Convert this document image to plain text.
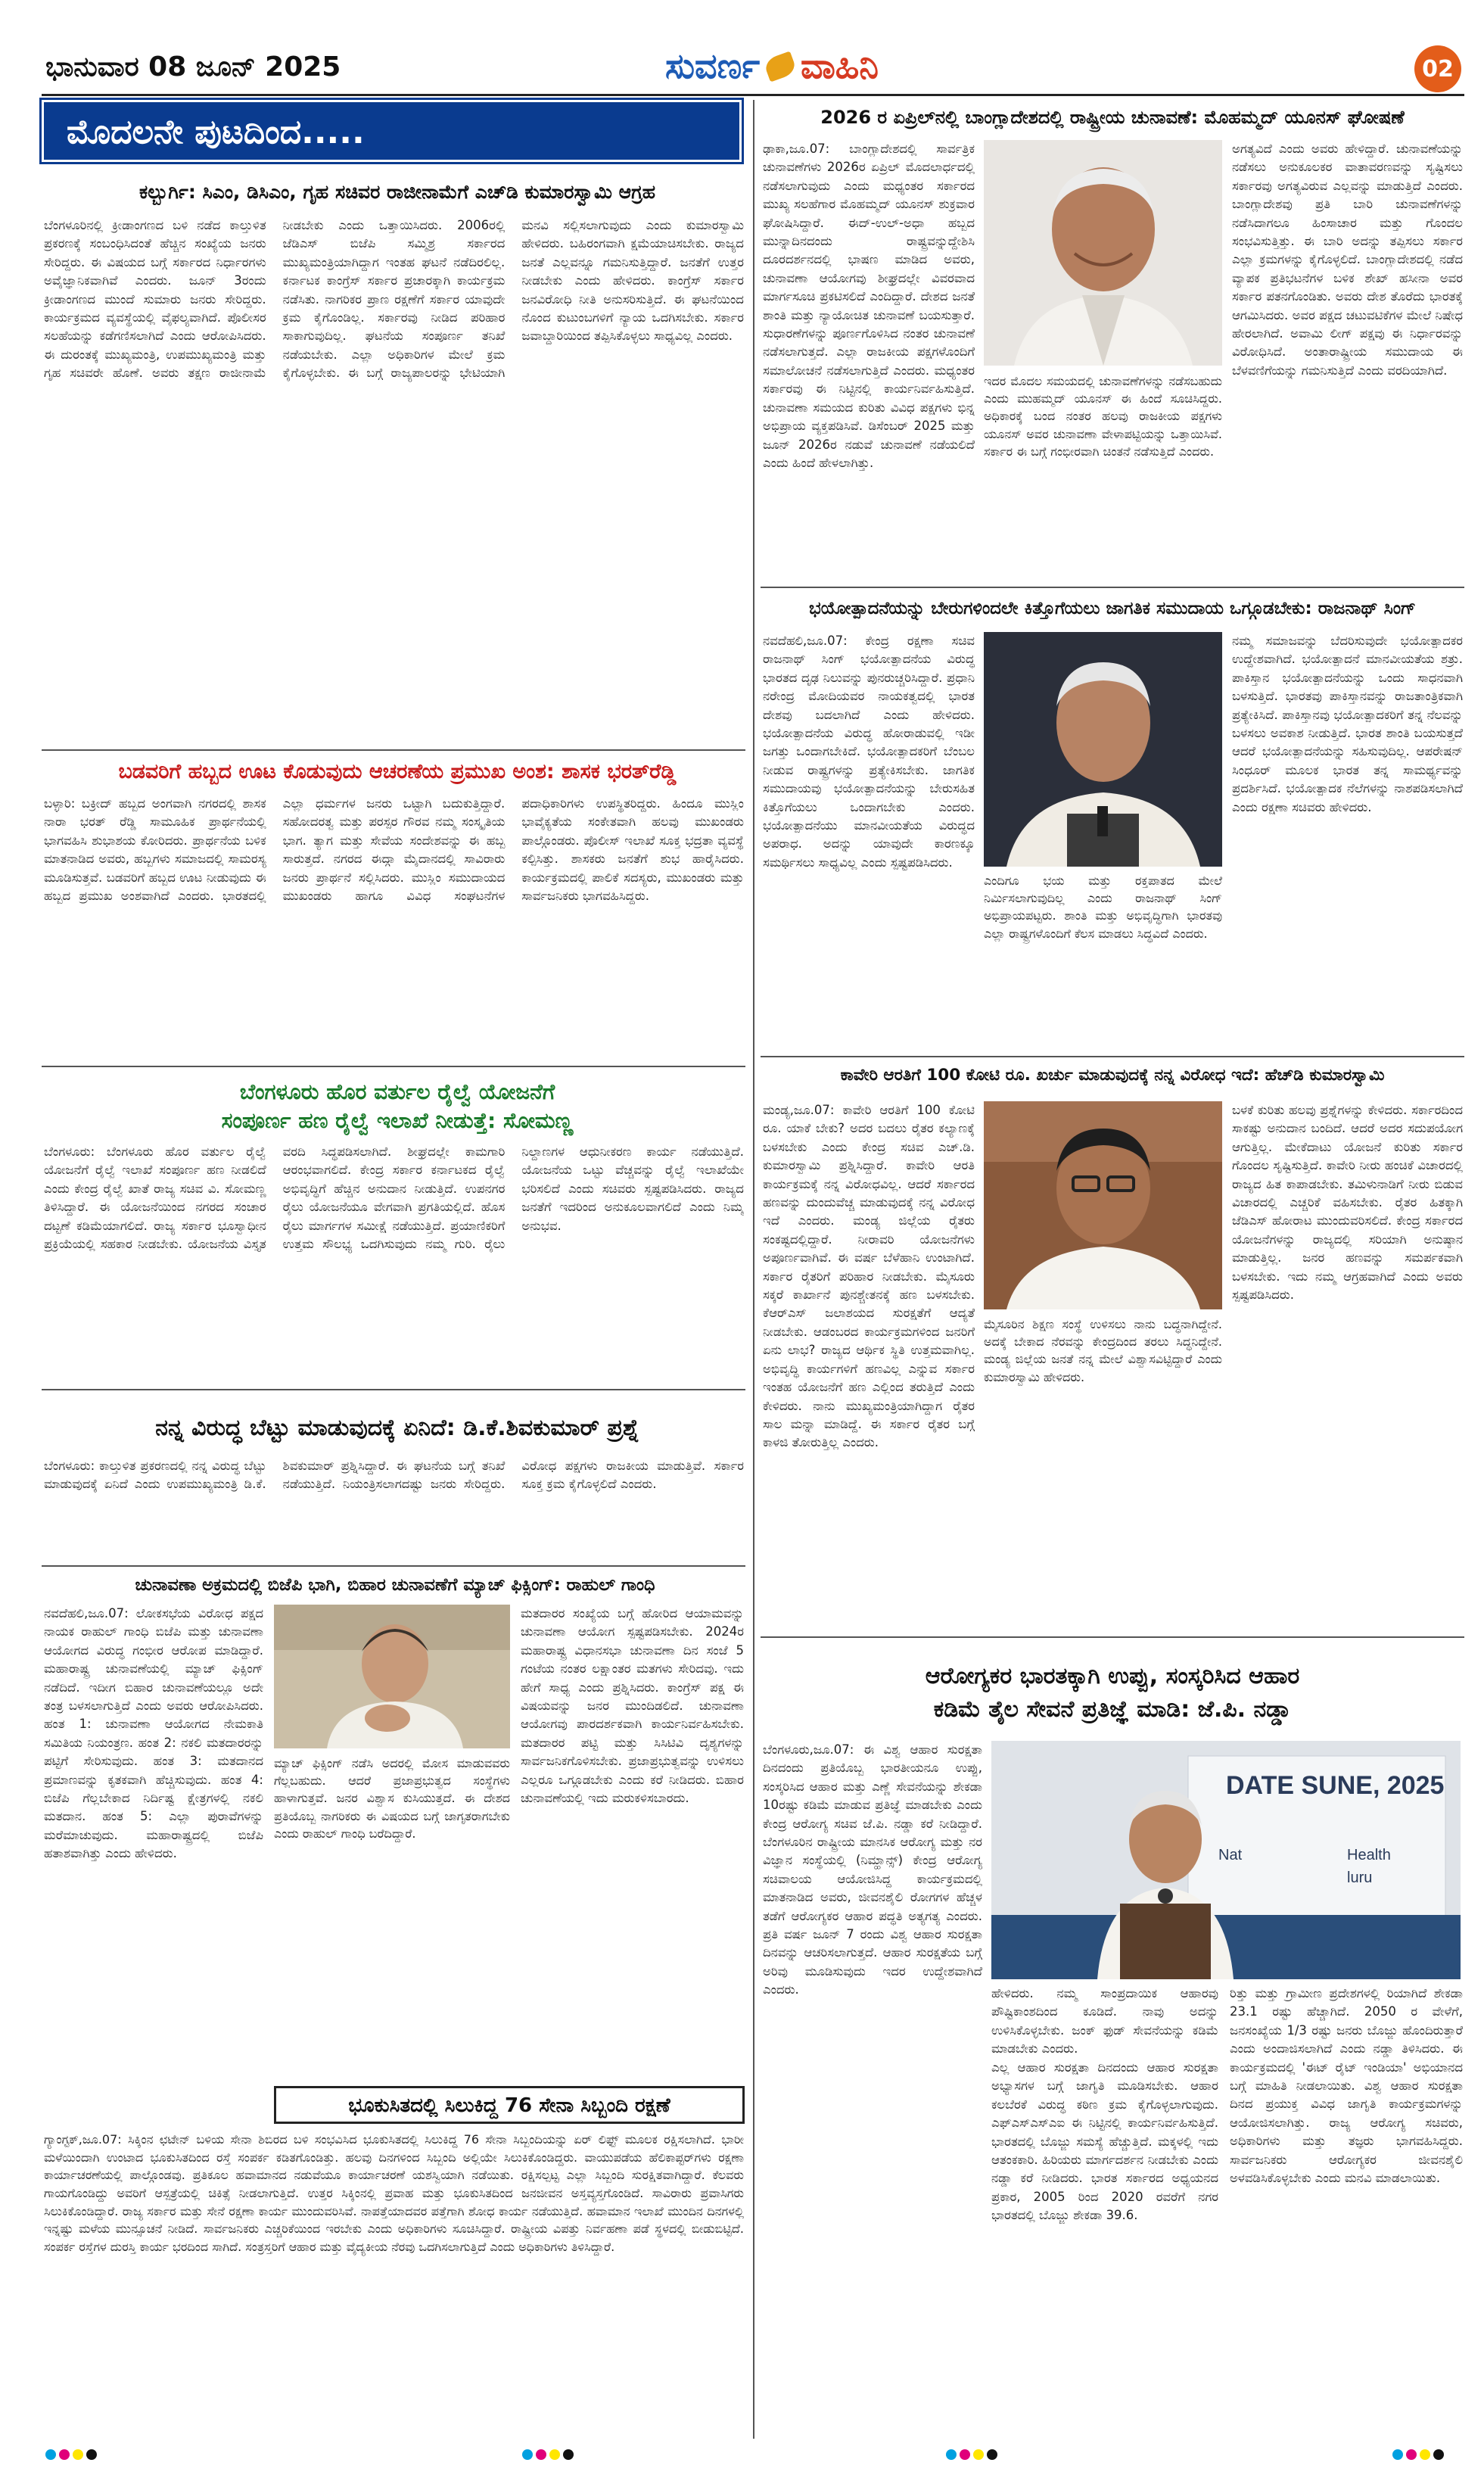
ಭಾನುವಾರ 08 ಜೂನ್ 2025	ಸುವರ್ಣ ವಾಹಿನಿ	02
ಮೊದಲನೇ ಪುಟದಿಂದ.....
ಕಲ್ಬುರ್ಗಿ: ಸಿಎಂ, ಡಿಸಿಎಂ, ಗೃಹ ಸಚಿವರ ರಾಜೀನಾಮೆಗೆ ಎಚ್‌ಡಿ ಕುಮಾರಸ್ವಾಮಿ ಆಗ್ರಹ
ಬೆಂಗಳೂರಿನಲ್ಲಿ ಕ್ರೀಡಾಂಗಣದ ಬಳಿ ನಡೆದ ಕಾಲ್ತುಳಿತ ಪ್ರಕರಣಕ್ಕೆ ಸಂಬಂಧಿಸಿದಂತೆ ಹೆಚ್ಚಿನ ಸಂಖ್ಯೆಯ ಜನರು ಸೇರಿದ್ದರು. ಈ ವಿಷಯದ ಬಗ್ಗೆ ಸರ್ಕಾರದ ನಿರ್ಧಾರಗಳು ಅವೈಜ್ಞಾನಿಕವಾಗಿವೆ ಎಂದರು. ಜೂನ್ 3ರಂದು ಕ್ರೀಡಾಂಗಣದ ಮುಂದೆ ಸುಮಾರು ಜನರು ಸೇರಿದ್ದರು. ಕಾರ್ಯಕ್ರಮದ ವ್ಯವಸ್ಥೆಯಲ್ಲಿ ವೈಫಲ್ಯವಾಗಿದೆ. ಪೊಲೀಸರ ಸಲಹೆಯನ್ನು ಕಡೆಗಣಿಸಲಾಗಿದೆ ಎಂದು ಆರೋಪಿಸಿದರು. ಈ ದುರಂತಕ್ಕೆ ಮುಖ್ಯಮಂತ್ರಿ, ಉಪಮುಖ್ಯಮಂತ್ರಿ ಮತ್ತು ಗೃಹ ಸಚಿವರೇ ಹೊಣೆ. ಅವರು ತಕ್ಷಣ ರಾಜೀನಾಮೆ ನೀಡಬೇಕು ಎಂದು ಒತ್ತಾಯಿಸಿದರು. 2006ರಲ್ಲಿ ಜೆಡಿಎಸ್ ಬಿಜೆಪಿ ಸಮ್ಮಿಶ್ರ ಸರ್ಕಾರದ ಮುಖ್ಯಮಂತ್ರಿಯಾಗಿದ್ದಾಗ ಇಂತಹ ಘಟನೆ ನಡೆದಿರಲಿಲ್ಲ. ಕರ್ನಾಟಕ ಕಾಂಗ್ರೆಸ್ ಸರ್ಕಾರ ಪ್ರಚಾರಕ್ಕಾಗಿ ಕಾರ್ಯಕ್ರಮ ನಡೆಸಿತು. ನಾಗರಿಕರ ಪ್ರಾಣ ರಕ್ಷಣೆಗೆ ಸರ್ಕಾರ ಯಾವುದೇ ಕ್ರಮ ಕೈಗೊಂಡಿಲ್ಲ. ಸರ್ಕಾರವು ನೀಡಿದ ಪರಿಹಾರ ಸಾಕಾಗುವುದಿಲ್ಲ. ಘಟನೆಯ ಸಂಪೂರ್ಣ ತನಿಖೆ ನಡೆಯಬೇಕು. ಎಲ್ಲಾ ಅಧಿಕಾರಿಗಳ ಮೇಲೆ ಕ್ರಮ ಕೈಗೊಳ್ಳಬೇಕು. ಈ ಬಗ್ಗೆ ರಾಜ್ಯಪಾಲರನ್ನು ಭೇಟಿಯಾಗಿ ಮನವಿ ಸಲ್ಲಿಸಲಾಗುವುದು ಎಂದು ಕುಮಾರಸ್ವಾಮಿ ಹೇಳಿದರು. ಬಹಿರಂಗವಾಗಿ ಕ್ಷಮೆಯಾಚಿಸಬೇಕು. ರಾಜ್ಯದ ಜನತೆ ಎಲ್ಲವನ್ನೂ ಗಮನಿಸುತ್ತಿದ್ದಾರೆ. ಜನತೆಗೆ ಉತ್ತರ ನೀಡಬೇಕು ಎಂದು ಹೇಳಿದರು. ಕಾಂಗ್ರೆಸ್ ಸರ್ಕಾರ ಜನವಿರೋಧಿ ನೀತಿ ಅನುಸರಿಸುತ್ತಿದೆ. ಈ ಘಟನೆಯಿಂದ ನೊಂದ ಕುಟುಂಬಗಳಿಗೆ ನ್ಯಾಯ ಒದಗಿಸಬೇಕು. ಸರ್ಕಾರ ಜವಾಬ್ದಾರಿಯಿಂದ ತಪ್ಪಿಸಿಕೊಳ್ಳಲು ಸಾಧ್ಯವಿಲ್ಲ ಎಂದರು.
ಬಡವರಿಗೆ ಹಬ್ಬದ ಊಟ ಕೊಡುವುದು ಆಚರಣೆಯ ಪ್ರಮುಖ ಅಂಶ: ಶಾಸಕ ಭರತ್‌ರೆಡ್ಡಿ
ಬಳ್ಳಾರಿ: ಬಕ್ರೀದ್ ಹಬ್ಬದ ಅಂಗವಾಗಿ ನಗರದಲ್ಲಿ ಶಾಸಕ ನಾರಾ ಭರತ್ ರೆಡ್ಡಿ ಸಾಮೂಹಿಕ ಪ್ರಾರ್ಥನೆಯಲ್ಲಿ ಭಾಗವಹಿಸಿ ಶುಭಾಶಯ ಕೋರಿದರು. ಪ್ರಾರ್ಥನೆಯ ಬಳಿಕ ಮಾತನಾಡಿದ ಅವರು, ಹಬ್ಬಗಳು ಸಮಾಜದಲ್ಲಿ ಸಾಮರಸ್ಯ ಮೂಡಿಸುತ್ತವೆ. ಬಡವರಿಗೆ ಹಬ್ಬದ ಊಟ ನೀಡುವುದು ಈ ಹಬ್ಬದ ಪ್ರಮುಖ ಅಂಶವಾಗಿದೆ ಎಂದರು. ಭಾರತದಲ್ಲಿ ಎಲ್ಲಾ ಧರ್ಮಗಳ ಜನರು ಒಟ್ಟಾಗಿ ಬದುಕುತ್ತಿದ್ದಾರೆ. ಸಹೋದರತ್ವ ಮತ್ತು ಪರಸ್ಪರ ಗೌರವ ನಮ್ಮ ಸಂಸ್ಕೃತಿಯ ಭಾಗ. ತ್ಯಾಗ ಮತ್ತು ಸೇವೆಯ ಸಂದೇಶವನ್ನು ಈ ಹಬ್ಬ ಸಾರುತ್ತದೆ. ನಗರದ ಈದ್ಗಾ ಮೈದಾನದಲ್ಲಿ ಸಾವಿರಾರು ಜನರು ಪ್ರಾರ್ಥನೆ ಸಲ್ಲಿಸಿದರು. ಮುಸ್ಲಿಂ ಸಮುದಾಯದ ಮುಖಂಡರು ಹಾಗೂ ವಿವಿಧ ಸಂಘಟನೆಗಳ ಪದಾಧಿಕಾರಿಗಳು ಉಪಸ್ಥಿತರಿದ್ದರು. ಹಿಂದೂ ಮುಸ್ಲಿಂ ಭಾವೈಕ್ಯತೆಯ ಸಂಕೇತವಾಗಿ ಹಲವು ಮುಖಂಡರು ಪಾಲ್ಗೊಂಡರು. ಪೊಲೀಸ್ ಇಲಾಖೆ ಸೂಕ್ತ ಭದ್ರತಾ ವ್ಯವಸ್ಥೆ ಕಲ್ಪಿಸಿತ್ತು. ಶಾಸಕರು ಜನತೆಗೆ ಶುಭ ಹಾರೈಸಿದರು. ಕಾರ್ಯಕ್ರಮದಲ್ಲಿ ಪಾಲಿಕೆ ಸದಸ್ಯರು, ಮುಖಂಡರು ಮತ್ತು ಸಾರ್ವಜನಿಕರು ಭಾಗವಹಿಸಿದ್ದರು.
ಬೆಂಗಳೂರು ಹೊರ ವರ್ತುಲ ರೈಲ್ವೆ ಯೋಜನೆಗೆ
ಸಂಪೂರ್ಣ ಹಣ ರೈಲ್ವೆ ಇಲಾಖೆ ನೀಡುತ್ತೆ: ಸೋಮಣ್ಣ
ಬೆಂಗಳೂರು: ಬೆಂಗಳೂರು ಹೊರ ವರ್ತುಲ ರೈಲ್ವೆ ಯೋಜನೆಗೆ ರೈಲ್ವೆ ಇಲಾಖೆ ಸಂಪೂರ್ಣ ಹಣ ನೀಡಲಿದೆ ಎಂದು ಕೇಂದ್ರ ರೈಲ್ವೆ ಖಾತೆ ರಾಜ್ಯ ಸಚಿವ ವಿ. ಸೋಮಣ್ಣ ತಿಳಿಸಿದ್ದಾರೆ. ಈ ಯೋಜನೆಯಿಂದ ನಗರದ ಸಂಚಾರ ದಟ್ಟಣೆ ಕಡಿಮೆಯಾಗಲಿದೆ. ರಾಜ್ಯ ಸರ್ಕಾರ ಭೂಸ್ವಾಧೀನ ಪ್ರಕ್ರಿಯೆಯಲ್ಲಿ ಸಹಕಾರ ನೀಡಬೇಕು. ಯೋಜನೆಯ ವಿಸ್ತೃತ ವರದಿ ಸಿದ್ಧಪಡಿಸಲಾಗಿದೆ. ಶೀಘ್ರದಲ್ಲೇ ಕಾಮಗಾರಿ ಆರಂಭವಾಗಲಿದೆ. ಕೇಂದ್ರ ಸರ್ಕಾರ ಕರ್ನಾಟಕದ ರೈಲ್ವೆ ಅಭಿವೃದ್ಧಿಗೆ ಹೆಚ್ಚಿನ ಅನುದಾನ ನೀಡುತ್ತಿದೆ. ಉಪನಗರ ರೈಲು ಯೋಜನೆಯೂ ವೇಗವಾಗಿ ಪ್ರಗತಿಯಲ್ಲಿದೆ. ಹೊಸ ರೈಲು ಮಾರ್ಗಗಳ ಸಮೀಕ್ಷೆ ನಡೆಯುತ್ತಿದೆ. ಪ್ರಯಾಣಿಕರಿಗೆ ಉತ್ತಮ ಸೌಲಭ್ಯ ಒದಗಿಸುವುದು ನಮ್ಮ ಗುರಿ. ರೈಲು ನಿಲ್ದಾಣಗಳ ಆಧುನೀಕರಣ ಕಾರ್ಯ ನಡೆಯುತ್ತಿದೆ. ಯೋಜನೆಯ ಒಟ್ಟು ವೆಚ್ಚವನ್ನು ರೈಲ್ವೆ ಇಲಾಖೆಯೇ ಭರಿಸಲಿದೆ ಎಂದು ಸಚಿವರು ಸ್ಪಷ್ಟಪಡಿಸಿದರು. ರಾಜ್ಯದ ಜನತೆಗೆ ಇದರಿಂದ ಅನುಕೂಲವಾಗಲಿದೆ ಎಂದು ನಿಮ್ಮ ಅನುಭವ.
ನನ್ನ ವಿರುದ್ಧ ಬೆಟ್ಟು ಮಾಡುವುದಕ್ಕೆ ಏನಿದೆ: ಡಿ.ಕೆ.ಶಿವಕುಮಾರ್ ಪ್ರಶ್ನೆ
ಬೆಂಗಳೂರು: ಕಾಲ್ತುಳಿತ ಪ್ರಕರಣದಲ್ಲಿ ನನ್ನ ವಿರುದ್ಧ ಬೆಟ್ಟು ಮಾಡುವುದಕ್ಕೆ ಏನಿದೆ ಎಂದು ಉಪಮುಖ್ಯಮಂತ್ರಿ ಡಿ.ಕೆ. ಶಿವಕುಮಾರ್ ಪ್ರಶ್ನಿಸಿದ್ದಾರೆ. ಈ ಘಟನೆಯ ಬಗ್ಗೆ ತನಿಖೆ ನಡೆಯುತ್ತಿದೆ. ನಿಯಂತ್ರಿಸಲಾಗದಷ್ಟು ಜನರು ಸೇರಿದ್ದರು. ವಿರೋಧ ಪಕ್ಷಗಳು ರಾಜಕೀಯ ಮಾಡುತ್ತಿವೆ. ಸರ್ಕಾರ ಸೂಕ್ತ ಕ್ರಮ ಕೈಗೊಳ್ಳಲಿದೆ ಎಂದರು.
ಚುನಾವಣಾ ಅಕ್ರಮದಲ್ಲಿ ಬಿಜೆಪಿ ಭಾಗಿ, ಬಿಹಾರ ಚುನಾವಣೆಗೆ ಮ್ಯಾಚ್ ಫಿಕ್ಸಿಂಗ್: ರಾಹುಲ್ ಗಾಂಧಿ
ನವದೆಹಲಿ,ಜೂ.07: ಲೋಕಸಭೆಯ ವಿರೋಧ ಪಕ್ಷದ ನಾಯಕ ರಾಹುಲ್ ಗಾಂಧಿ ಬಿಜೆಪಿ ಮತ್ತು ಚುನಾವಣಾ ಆಯೋಗದ ವಿರುದ್ಧ ಗಂಭೀರ ಆರೋಪ ಮಾಡಿದ್ದಾರೆ. ಮಹಾರಾಷ್ಟ್ರ ಚುನಾವಣೆಯಲ್ಲಿ ಮ್ಯಾಚ್ ಫಿಕ್ಸಿಂಗ್ ನಡೆದಿದೆ. ಇದೀಗ ಬಿಹಾರ ಚುನಾವಣೆಯಲ್ಲೂ ಅದೇ ತಂತ್ರ ಬಳಸಲಾಗುತ್ತಿದೆ ಎಂದು ಅವರು ಆರೋಪಿಸಿದರು. ಹಂತ 1: ಚುನಾವಣಾ ಆಯೋಗದ ನೇಮಕಾತಿ ಸಮಿತಿಯ ನಿಯಂತ್ರಣ. ಹಂತ 2: ನಕಲಿ ಮತದಾರರನ್ನು ಪಟ್ಟಿಗೆ ಸೇರಿಸುವುದು. ಹಂತ 3: ಮತದಾನದ ಪ್ರಮಾಣವನ್ನು ಕೃತಕವಾಗಿ ಹೆಚ್ಚಿಸುವುದು. ಹಂತ 4: ಬಿಜೆಪಿ ಗೆಲ್ಲಬೇಕಾದ ನಿರ್ದಿಷ್ಟ ಕ್ಷೇತ್ರಗಳಲ್ಲಿ ನಕಲಿ ಮತದಾನ. ಹಂತ 5: ಎಲ್ಲಾ ಪುರಾವೆಗಳನ್ನು ಮರೆಮಾಚುವುದು. ಮಹಾರಾಷ್ಟ್ರದಲ್ಲಿ ಬಿಜೆಪಿ ಹತಾಶವಾಗಿತ್ತು ಎಂದು ಹೇಳಿದರು.
ಮ್ಯಾಚ್ ಫಿಕ್ಸಿಂಗ್ ನಡೆಸಿ ಅದರಲ್ಲಿ ಮೋಸ ಮಾಡುವವರು ಗೆಲ್ಲಬಹುದು. ಆದರೆ ಪ್ರಜಾಪ್ರಭುತ್ವದ ಸಂಸ್ಥೆಗಳು ಹಾಳಾಗುತ್ತವೆ. ಜನರ ವಿಶ್ವಾಸ ಕುಸಿಯುತ್ತದೆ. ಈ ದೇಶದ ಪ್ರತಿಯೊಬ್ಬ ನಾಗರಿಕರು ಈ ವಿಷಯದ ಬಗ್ಗೆ ಜಾಗೃತರಾಗಬೇಕು ಎಂದು ರಾಹುಲ್ ಗಾಂಧಿ ಬರೆದಿದ್ದಾರೆ.
ಮತದಾರರ ಸಂಖ್ಯೆಯ ಬಗ್ಗೆ ಹೋರಿದ ಆಯಾಮವನ್ನು ಚುನಾವಣಾ ಆಯೋಗ ಸ್ಪಷ್ಟಪಡಿಸಬೇಕು. 2024ರ ಮಹಾರಾಷ್ಟ್ರ ವಿಧಾನಸಭಾ ಚುನಾವಣಾ ದಿನ ಸಂಜೆ 5 ಗಂಟೆಯ ನಂತರ ಲಕ್ಷಾಂತರ ಮತಗಳು ಸೇರಿದವು. ಇದು ಹೇಗೆ ಸಾಧ್ಯ ಎಂದು ಪ್ರಶ್ನಿಸಿದರು. ಕಾಂಗ್ರೆಸ್ ಪಕ್ಷ ಈ ವಿಷಯವನ್ನು ಜನರ ಮುಂದಿಡಲಿದೆ. ಚುನಾವಣಾ ಆಯೋಗವು ಪಾರದರ್ಶಕವಾಗಿ ಕಾರ್ಯನಿರ್ವಹಿಸಬೇಕು. ಮತದಾರರ ಪಟ್ಟಿ ಮತ್ತು ಸಿಸಿಟಿವಿ ದೃಶ್ಯಗಳನ್ನು ಸಾರ್ವಜನಿಕಗೊಳಿಸಬೇಕು. ಪ್ರಜಾಪ್ರಭುತ್ವವನ್ನು ಉಳಿಸಲು ಎಲ್ಲರೂ ಒಗ್ಗೂಡಬೇಕು ಎಂದು ಕರೆ ನೀಡಿದರು. ಬಿಹಾರ ಚುನಾವಣೆಯಲ್ಲಿ ಇದು ಮರುಕಳಿಸಬಾರದು.
ಭೂಕುಸಿತದಲ್ಲಿ ಸಿಲುಕಿದ್ದ 76 ಸೇನಾ ಸಿಬ್ಬಂದಿ ರಕ್ಷಣೆ
ಗ್ಯಾಂಗ್ಟಕ್,ಜೂ.07: ಸಿಕ್ಕಿಂನ ಛಟೇನ್ ಬಳಿಯ ಸೇನಾ ಶಿಬಿರದ ಬಳಿ ಸಂಭವಿಸಿದ ಭೂಕುಸಿತದಲ್ಲಿ ಸಿಲುಕಿದ್ದ 76 ಸೇನಾ ಸಿಬ್ಬಂದಿಯನ್ನು ಏರ್ ಲಿಫ್ಟ್ ಮೂಲಕ ರಕ್ಷಿಸಲಾಗಿದೆ. ಭಾರೀ ಮಳೆಯಿಂದಾಗಿ ಉಂಟಾದ ಭೂಕುಸಿತದಿಂದ ರಸ್ತೆ ಸಂಪರ್ಕ ಕಡಿತಗೊಂಡಿತ್ತು. ಹಲವು ದಿನಗಳಿಂದ ಸಿಬ್ಬಂದಿ ಅಲ್ಲಿಯೇ ಸಿಲುಕಿಕೊಂಡಿದ್ದರು. ವಾಯುಪಡೆಯ ಹೆಲಿಕಾಪ್ಟರ್‌ಗಳು ರಕ್ಷಣಾ ಕಾರ್ಯಾಚರಣೆಯಲ್ಲಿ ಪಾಲ್ಗೊಂಡವು. ಪ್ರತಿಕೂಲ ಹವಾಮಾನದ ನಡುವೆಯೂ ಕಾರ್ಯಾಚರಣೆ ಯಶಸ್ವಿಯಾಗಿ ನಡೆಯಿತು. ರಕ್ಷಿಸಲ್ಪಟ್ಟ ಎಲ್ಲಾ ಸಿಬ್ಬಂದಿ ಸುರಕ್ಷಿತವಾಗಿದ್ದಾರೆ. ಕೆಲವರು ಗಾಯಗೊಂಡಿದ್ದು ಅವರಿಗೆ ಆಸ್ಪತ್ರೆಯಲ್ಲಿ ಚಿಕಿತ್ಸೆ ನೀಡಲಾಗುತ್ತಿದೆ. ಉತ್ತರ ಸಿಕ್ಕಿಂನಲ್ಲಿ ಪ್ರವಾಹ ಮತ್ತು ಭೂಕುಸಿತದಿಂದ ಜನಜೀವನ ಅಸ್ತವ್ಯಸ್ತಗೊಂಡಿದೆ. ಸಾವಿರಾರು ಪ್ರವಾಸಿಗರು ಸಿಲುಕಿಕೊಂಡಿದ್ದಾರೆ. ರಾಜ್ಯ ಸರ್ಕಾರ ಮತ್ತು ಸೇನೆ ರಕ್ಷಣಾ ಕಾರ್ಯ ಮುಂದುವರಿಸಿವೆ. ನಾಪತ್ತೆಯಾದವರ ಪತ್ತೆಗಾಗಿ ಶೋಧ ಕಾರ್ಯ ನಡೆಯುತ್ತಿದೆ. ಹವಾಮಾನ ಇಲಾಖೆ ಮುಂದಿನ ದಿನಗಳಲ್ಲಿ ಇನ್ನಷ್ಟು ಮಳೆಯ ಮುನ್ಸೂಚನೆ ನೀಡಿದೆ. ಸಾರ್ವಜನಿಕರು ಎಚ್ಚರಿಕೆಯಿಂದ ಇರಬೇಕು ಎಂದು ಅಧಿಕಾರಿಗಳು ಸೂಚಿಸಿದ್ದಾರೆ. ರಾಷ್ಟ್ರೀಯ ವಿಪತ್ತು ನಿರ್ವಹಣಾ ಪಡೆ ಸ್ಥಳದಲ್ಲಿ ಬೀಡುಬಿಟ್ಟಿದೆ. ಸಂಪರ್ಕ ರಸ್ತೆಗಳ ದುರಸ್ತಿ ಕಾರ್ಯ ಭರದಿಂದ ಸಾಗಿದೆ. ಸಂತ್ರಸ್ತರಿಗೆ ಆಹಾರ ಮತ್ತು ವೈದ್ಯಕೀಯ ನೆರವು ಒದಗಿಸಲಾಗುತ್ತಿದೆ ಎಂದು ಅಧಿಕಾರಿಗಳು ತಿಳಿಸಿದ್ದಾರೆ.
2026 ರ ಏಪ್ರಿಲ್‌ನಲ್ಲಿ ಬಾಂಗ್ಲಾದೇಶದಲ್ಲಿ ರಾಷ್ಟ್ರೀಯ ಚುನಾವಣೆ: ಮೊಹಮ್ಮದ್ ಯೂನಸ್ ಘೋಷಣೆ
ಢಾಕಾ,ಜೂ.07: ಬಾಂಗ್ಲಾದೇಶದಲ್ಲಿ ಸಾರ್ವತ್ರಿಕ ಚುನಾವಣೆಗಳು 2026ರ ಏಪ್ರಿಲ್ ಮೊದಲಾರ್ಧದಲ್ಲಿ ನಡೆಸಲಾಗುವುದು ಎಂದು ಮಧ್ಯಂತರ ಸರ್ಕಾರದ ಮುಖ್ಯ ಸಲಹೆಗಾರ ಮೊಹಮ್ಮದ್ ಯೂನಸ್ ಶುಕ್ರವಾರ ಘೋಷಿಸಿದ್ದಾರೆ. ಈದ್-ಉಲ್-ಅಧಾ ಹಬ್ಬದ ಮುನ್ನಾದಿನದಂದು ರಾಷ್ಟ್ರವನ್ನುದ್ದೇಶಿಸಿ ದೂರದರ್ಶನದಲ್ಲಿ ಭಾಷಣ ಮಾಡಿದ ಅವರು, ಚುನಾವಣಾ ಆಯೋಗವು ಶೀಘ್ರದಲ್ಲೇ ವಿವರವಾದ ಮಾರ್ಗಸೂಚಿ ಪ್ರಕಟಿಸಲಿದೆ ಎಂದಿದ್ದಾರೆ. ದೇಶದ ಜನತೆ ಶಾಂತಿ ಮತ್ತು ನ್ಯಾಯೋಚಿತ ಚುನಾವಣೆ ಬಯಸುತ್ತಾರೆ. ಸುಧಾರಣೆಗಳನ್ನು ಪೂರ್ಣಗೊಳಿಸಿದ ನಂತರ ಚುನಾವಣೆ ನಡೆಸಲಾಗುತ್ತದೆ. ಎಲ್ಲಾ ರಾಜಕೀಯ ಪಕ್ಷಗಳೊಂದಿಗೆ ಸಮಾಲೋಚನೆ ನಡೆಸಲಾಗುತ್ತಿದೆ ಎಂದರು. ಮಧ್ಯಂತರ ಸರ್ಕಾರವು ಈ ನಿಟ್ಟಿನಲ್ಲಿ ಕಾರ್ಯನಿರ್ವಹಿಸುತ್ತಿದೆ. ಚುನಾವಣಾ ಸಮಯದ ಕುರಿತು ವಿವಿಧ ಪಕ್ಷಗಳು ಭಿನ್ನ ಅಭಿಪ್ರಾಯ ವ್ಯಕ್ತಪಡಿಸಿವೆ. ಡಿಸೆಂಬರ್ 2025 ಮತ್ತು ಜೂನ್ 2026ರ ನಡುವೆ ಚುನಾವಣೆ ನಡೆಯಲಿದೆ ಎಂದು ಹಿಂದೆ ಹೇಳಲಾಗಿತ್ತು.
ಇದರ ಮೊದಲ ಸಮಯದಲ್ಲಿ ಚುನಾವಣೆಗಳನ್ನು ನಡೆಸಬಹುದು ಎಂದು ಮುಹಮ್ಮದ್ ಯೂನಸ್ ಈ ಹಿಂದೆ ಸೂಚಿಸಿದ್ದರು. ಅಧಿಕಾರಕ್ಕೆ ಬಂದ ನಂತರ ಹಲವು ರಾಜಕೀಯ ಪಕ್ಷಗಳು ಯೂನಸ್ ಅವರ ಚುನಾವಣಾ ವೇಳಾಪಟ್ಟಿಯನ್ನು ಒತ್ತಾಯಿಸಿವೆ. ಸರ್ಕಾರ ಈ ಬಗ್ಗೆ ಗಂಭೀರವಾಗಿ ಚಿಂತನೆ ನಡೆಸುತ್ತಿದೆ ಎಂದರು.
ಅಗತ್ಯವಿದೆ ಎಂದು ಅವರು ಹೇಳಿದ್ದಾರೆ. ಚುನಾವಣೆಯನ್ನು ನಡೆಸಲು ಅನುಕೂಲಕರ ವಾತಾವರಣವನ್ನು ಸೃಷ್ಟಿಸಲು ಸರ್ಕಾರವು ಅಗತ್ಯವಿರುವ ಎಲ್ಲವನ್ನು ಮಾಡುತ್ತಿದೆ ಎಂದರು. ಬಾಂಗ್ಲಾದೇಶವು ಪ್ರತಿ ಬಾರಿ ಚುನಾವಣೆಗಳನ್ನು ನಡೆಸಿದಾಗಲೂ ಹಿಂಸಾಚಾರ ಮತ್ತು ಗೊಂದಲ ಸಂಭವಿಸುತ್ತಿತ್ತು. ಈ ಬಾರಿ ಅದನ್ನು ತಪ್ಪಿಸಲು ಸರ್ಕಾರ ಎಲ್ಲಾ ಕ್ರಮಗಳನ್ನು ಕೈಗೊಳ್ಳಲಿದೆ. ಬಾಂಗ್ಲಾದೇಶದಲ್ಲಿ ನಡೆದ ವ್ಯಾಪಕ ಪ್ರತಿಭಟನೆಗಳ ಬಳಿಕ ಶೇಖ್ ಹಸೀನಾ ಅವರ ಸರ್ಕಾರ ಪತನಗೊಂಡಿತು. ಅವರು ದೇಶ ತೊರೆದು ಭಾರತಕ್ಕೆ ಆಗಮಿಸಿದರು. ಅವರ ಪಕ್ಷದ ಚಟುವಟಿಕೆಗಳ ಮೇಲೆ ನಿಷೇಧ ಹೇರಲಾಗಿದೆ. ಅವಾಮಿ ಲೀಗ್ ಪಕ್ಷವು ಈ ನಿರ್ಧಾರವನ್ನು ವಿರೋಧಿಸಿದೆ. ಅಂತಾರಾಷ್ಟ್ರೀಯ ಸಮುದಾಯ ಈ ಬೆಳವಣಿಗೆಯನ್ನು ಗಮನಿಸುತ್ತಿದೆ ಎಂದು ವರದಿಯಾಗಿದೆ.
ಭಯೋತ್ಪಾದನೆಯನ್ನು ಬೇರುಗಳಿಂದಲೇ ಕಿತ್ತೊಗೆಯಲು ಜಾಗತಿಕ ಸಮುದಾಯ ಒಗ್ಗೂಡಬೇಕು: ರಾಜನಾಥ್ ಸಿಂಗ್
ನವದೆಹಲಿ,ಜೂ.07: ಕೇಂದ್ರ ರಕ್ಷಣಾ ಸಚಿವ ರಾಜನಾಥ್ ಸಿಂಗ್ ಭಯೋತ್ಪಾದನೆಯ ವಿರುದ್ಧ ಭಾರತದ ದೃಢ ನಿಲುವನ್ನು ಪುನರುಚ್ಚರಿಸಿದ್ದಾರೆ. ಪ್ರಧಾನಿ ನರೇಂದ್ರ ಮೋದಿಯವರ ನಾಯಕತ್ವದಲ್ಲಿ ಭಾರತ ದೇಶವು ಬದಲಾಗಿದೆ ಎಂದು ಹೇಳಿದರು. ಭಯೋತ್ಪಾದನೆಯ ವಿರುದ್ಧ ಹೋರಾಡುವಲ್ಲಿ ಇಡೀ ಜಗತ್ತು ಒಂದಾಗಬೇಕಿದೆ. ಭಯೋತ್ಪಾದಕರಿಗೆ ಬೆಂಬಲ ನೀಡುವ ರಾಷ್ಟ್ರಗಳನ್ನು ಪ್ರತ್ಯೇಕಿಸಬೇಕು. ಜಾಗತಿಕ ಸಮುದಾಯವು ಭಯೋತ್ಪಾದನೆಯನ್ನು ಬೇರುಸಹಿತ ಕಿತ್ತೊಗೆಯಲು ಒಂದಾಗಬೇಕು ಎಂದರು. ಭಯೋತ್ಪಾದನೆಯು ಮಾನವೀಯತೆಯ ವಿರುದ್ಧದ ಅಪರಾಧ. ಅದನ್ನು ಯಾವುದೇ ಕಾರಣಕ್ಕೂ ಸಮರ್ಥಿಸಲು ಸಾಧ್ಯವಿಲ್ಲ ಎಂದು ಸ್ಪಷ್ಟಪಡಿಸಿದರು.
ಎಂದಿಗೂ ಭಯ ಮತ್ತು ರಕ್ತಪಾತದ ಮೇಲೆ ನಿರ್ಮಿಸಲಾಗುವುದಿಲ್ಲ ಎಂದು ರಾಜನಾಥ್ ಸಿಂಗ್ ಅಭಿಪ್ರಾಯಪಟ್ಟರು. ಶಾಂತಿ ಮತ್ತು ಅಭಿವೃದ್ಧಿಗಾಗಿ ಭಾರತವು ಎಲ್ಲಾ ರಾಷ್ಟ್ರಗಳೊಂದಿಗೆ ಕೆಲಸ ಮಾಡಲು ಸಿದ್ಧವಿದೆ ಎಂದರು.
ನಮ್ಮ ಸಮಾಜವನ್ನು ಬೆದರಿಸುವುದೇ ಭಯೋತ್ಪಾದಕರ ಉದ್ದೇಶವಾಗಿದೆ. ಭಯೋತ್ಪಾದನೆ ಮಾನವೀಯತೆಯ ಶತ್ರು. ಪಾಕಿಸ್ತಾನ ಭಯೋತ್ಪಾದನೆಯನ್ನು ಒಂದು ಸಾಧನವಾಗಿ ಬಳಸುತ್ತಿದೆ. ಭಾರತವು ಪಾಕಿಸ್ತಾನವನ್ನು ರಾಜತಾಂತ್ರಿಕವಾಗಿ ಪ್ರತ್ಯೇಕಿಸಿದೆ. ಪಾಕಿಸ್ತಾನವು ಭಯೋತ್ಪಾದಕರಿಗೆ ತನ್ನ ನೆಲವನ್ನು ಬಳಸಲು ಅವಕಾಶ ನೀಡುತ್ತಿದೆ. ಭಾರತ ಶಾಂತಿ ಬಯಸುತ್ತದೆ ಆದರೆ ಭಯೋತ್ಪಾದನೆಯನ್ನು ಸಹಿಸುವುದಿಲ್ಲ. ಆಪರೇಷನ್ ಸಿಂಧೂರ್ ಮೂಲಕ ಭಾರತ ತನ್ನ ಸಾಮರ್ಥ್ಯವನ್ನು ಪ್ರದರ್ಶಿಸಿದೆ. ಭಯೋತ್ಪಾದಕ ನೆಲೆಗಳನ್ನು ನಾಶಪಡಿಸಲಾಗಿದೆ ಎಂದು ರಕ್ಷಣಾ ಸಚಿವರು ಹೇಳಿದರು.
ಕಾವೇರಿ ಆರತಿಗೆ 100 ಕೋಟಿ ರೂ. ಖರ್ಚು ಮಾಡುವುದಕ್ಕೆ ನನ್ನ ವಿರೋಧ ಇದೆ: ಹೆಚ್‌ಡಿ ಕುಮಾರಸ್ವಾಮಿ
ಮಂಡ್ಯ,ಜೂ.07: ಕಾವೇರಿ ಆರತಿಗೆ 100 ಕೋಟಿ ರೂ. ಯಾಕೆ ಬೇಕು? ಅದರ ಬದಲು ರೈತರ ಕಲ್ಯಾಣಕ್ಕೆ ಬಳಸಬೇಕು ಎಂದು ಕೇಂದ್ರ ಸಚಿವ ಎಚ್.ಡಿ. ಕುಮಾರಸ್ವಾಮಿ ಪ್ರಶ್ನಿಸಿದ್ದಾರೆ. ಕಾವೇರಿ ಆರತಿ ಕಾರ್ಯಕ್ರಮಕ್ಕೆ ನನ್ನ ವಿರೋಧವಿಲ್ಲ. ಆದರೆ ಸರ್ಕಾರದ ಹಣವನ್ನು ದುಂದುವೆಚ್ಚ ಮಾಡುವುದಕ್ಕೆ ನನ್ನ ವಿರೋಧ ಇದೆ ಎಂದರು. ಮಂಡ್ಯ ಜಿಲ್ಲೆಯ ರೈತರು ಸಂಕಷ್ಟದಲ್ಲಿದ್ದಾರೆ. ನೀರಾವರಿ ಯೋಜನೆಗಳು ಅಪೂರ್ಣವಾಗಿವೆ. ಈ ವರ್ಷ ಬೆಳೆಹಾನಿ ಉಂಟಾಗಿದೆ. ಸರ್ಕಾರ ರೈತರಿಗೆ ಪರಿಹಾರ ನೀಡಬೇಕು. ಮೈಸೂರು ಸಕ್ಕರೆ ಕಾರ್ಖಾನೆ ಪುನಶ್ಚೇತನಕ್ಕೆ ಹಣ ಬಳಸಬೇಕು. ಕೆಆರ್‌ಎಸ್ ಜಲಾಶಯದ ಸುರಕ್ಷತೆಗೆ ಆದ್ಯತೆ ನೀಡಬೇಕು. ಆಡಂಬರದ ಕಾರ್ಯಕ್ರಮಗಳಿಂದ ಜನರಿಗೆ ಏನು ಲಾಭ? ರಾಜ್ಯದ ಆರ್ಥಿಕ ಸ್ಥಿತಿ ಉತ್ತಮವಾಗಿಲ್ಲ. ಅಭಿವೃದ್ಧಿ ಕಾರ್ಯಗಳಿಗೆ ಹಣವಿಲ್ಲ ಎನ್ನುವ ಸರ್ಕಾರ ಇಂತಹ ಯೋಜನೆಗೆ ಹಣ ಎಲ್ಲಿಂದ ತರುತ್ತಿದೆ ಎಂದು ಕೇಳಿದರು. ನಾನು ಮುಖ್ಯಮಂತ್ರಿಯಾಗಿದ್ದಾಗ ರೈತರ ಸಾಲ ಮನ್ನಾ ಮಾಡಿದ್ದೆ. ಈ ಸರ್ಕಾರ ರೈತರ ಬಗ್ಗೆ ಕಾಳಜಿ ತೋರುತ್ತಿಲ್ಲ ಎಂದರು.
ಮೈಸೂರಿನ ಶಿಕ್ಷಣ ಸಂಸ್ಥೆ ಉಳಿಸಲು ನಾನು ಬದ್ಧನಾಗಿದ್ದೇನೆ. ಅದಕ್ಕೆ ಬೇಕಾದ ನೆರವನ್ನು ಕೇಂದ್ರದಿಂದ ತರಲು ಸಿದ್ಧನಿದ್ದೇನೆ. ಮಂಡ್ಯ ಜಿಲ್ಲೆಯ ಜನತೆ ನನ್ನ ಮೇಲೆ ವಿಶ್ವಾಸವಿಟ್ಟಿದ್ದಾರೆ ಎಂದು ಕುಮಾರಸ್ವಾಮಿ ಹೇಳಿದರು.
ಬಳಕೆ ಕುರಿತು ಹಲವು ಪ್ರಶ್ನೆಗಳನ್ನು ಕೇಳಿದರು. ಸರ್ಕಾರದಿಂದ ಸಾಕಷ್ಟು ಅನುದಾನ ಬಂದಿದೆ. ಆದರೆ ಅದರ ಸದುಪಯೋಗ ಆಗುತ್ತಿಲ್ಲ. ಮೇಕೆದಾಟು ಯೋಜನೆ ಕುರಿತು ಸರ್ಕಾರ ಗೊಂದಲ ಸೃಷ್ಟಿಸುತ್ತಿದೆ. ಕಾವೇರಿ ನೀರು ಹಂಚಿಕೆ ವಿಚಾರದಲ್ಲಿ ರಾಜ್ಯದ ಹಿತ ಕಾಪಾಡಬೇಕು. ತಮಿಳುನಾಡಿಗೆ ನೀರು ಬಿಡುವ ವಿಚಾರದಲ್ಲಿ ಎಚ್ಚರಿಕೆ ವಹಿಸಬೇಕು. ರೈತರ ಹಿತಕ್ಕಾಗಿ ಜೆಡಿಎಸ್ ಹೋರಾಟ ಮುಂದುವರಿಸಲಿದೆ. ಕೇಂದ್ರ ಸರ್ಕಾರದ ಯೋಜನೆಗಳನ್ನು ರಾಜ್ಯದಲ್ಲಿ ಸರಿಯಾಗಿ ಅನುಷ್ಠಾನ ಮಾಡುತ್ತಿಲ್ಲ. ಜನರ ಹಣವನ್ನು ಸಮರ್ಪಕವಾಗಿ ಬಳಸಬೇಕು. ಇದು ನಮ್ಮ ಆಗ್ರಹವಾಗಿದೆ ಎಂದು ಅವರು ಸ್ಪಷ್ಟಪಡಿಸಿದರು.
ಆರೋಗ್ಯಕರ ಭಾರತಕ್ಕಾಗಿ ಉಪ್ಪು, ಸಂಸ್ಕರಿಸಿದ ಆಹಾರ
ಕಡಿಮೆ ತೈಲ ಸೇವನೆ ಪ್ರತಿಜ್ಞೆ ಮಾಡಿ: ಜೆ.ಪಿ. ನಡ್ಡಾ
ಬೆಂಗಳೂರು,ಜೂ.07: ಈ ವಿಶ್ವ ಆಹಾರ ಸುರಕ್ಷತಾ ದಿನದಂದು ಪ್ರತಿಯೊಬ್ಬ ಭಾರತೀಯನೂ ಉಪ್ಪು, ಸಂಸ್ಕರಿಸಿದ ಆಹಾರ ಮತ್ತು ಎಣ್ಣೆ ಸೇವನೆಯನ್ನು ಶೇಕಡಾ 10ರಷ್ಟು ಕಡಿಮೆ ಮಾಡುವ ಪ್ರತಿಜ್ಞೆ ಮಾಡಬೇಕು ಎಂದು ಕೇಂದ್ರ ಆರೋಗ್ಯ ಸಚಿವ ಜೆ.ಪಿ. ನಡ್ಡಾ ಕರೆ ನೀಡಿದ್ದಾರೆ. ಬೆಂಗಳೂರಿನ ರಾಷ್ಟ್ರೀಯ ಮಾನಸಿಕ ಆರೋಗ್ಯ ಮತ್ತು ನರ ವಿಜ್ಞಾನ ಸಂಸ್ಥೆಯಲ್ಲಿ (ನಿಮ್ಹಾನ್ಸ್) ಕೇಂದ್ರ ಆರೋಗ್ಯ ಸಚಿವಾಲಯ ಆಯೋಜಿಸಿದ್ದ ಕಾರ್ಯಕ್ರಮದಲ್ಲಿ ಮಾತನಾಡಿದ ಅವರು, ಜೀವನಶೈಲಿ ರೋಗಗಳ ಹೆಚ್ಚಳ ತಡೆಗೆ ಆರೋಗ್ಯಕರ ಆಹಾರ ಪದ್ಧತಿ ಅತ್ಯಗತ್ಯ ಎಂದರು. ಪ್ರತಿ ವರ್ಷ ಜೂನ್ 7 ರಂದು ವಿಶ್ವ ಆಹಾರ ಸುರಕ್ಷತಾ ದಿನವನ್ನು ಆಚರಿಸಲಾಗುತ್ತದೆ. ಆಹಾರ ಸುರಕ್ಷತೆಯ ಬಗ್ಗೆ ಅರಿವು ಮೂಡಿಸುವುದು ಇದರ ಉದ್ದೇಶವಾಗಿದೆ ಎಂದರು.
DATE SUNE, 2025
Nat	Health
luru
ಹೇಳಿದರು. ನಮ್ಮ ಸಾಂಪ್ರದಾಯಿಕ ಆಹಾರವು ಪೌಷ್ಟಿಕಾಂಶದಿಂದ ಕೂಡಿದೆ. ನಾವು ಅದನ್ನು ಉಳಿಸಿಕೊಳ್ಳಬೇಕು. ಜಂಕ್ ಫುಡ್ ಸೇವನೆಯನ್ನು ಕಡಿಮೆ ಮಾಡಬೇಕು ಎಂದರು.
ಎಲ್ಲ ಆಹಾರ ಸುರಕ್ಷತಾ ದಿನದಂದು ಆಹಾರ ಸುರಕ್ಷತಾ ಅಭ್ಯಾಸಗಳ ಬಗ್ಗೆ ಜಾಗೃತಿ ಮೂಡಿಸಬೇಕು. ಆಹಾರ ಕಲಬೆರಕೆ ವಿರುದ್ಧ ಕಠಿಣ ಕ್ರಮ ಕೈಗೊಳ್ಳಲಾಗುವುದು. ಎಫ್‌ಎಸ್‌ಎಸ್‌ಎಐ ಈ ನಿಟ್ಟಿನಲ್ಲಿ ಕಾರ್ಯನಿರ್ವಹಿಸುತ್ತಿದೆ. ಭಾರತದಲ್ಲಿ ಬೊಜ್ಜು ಸಮಸ್ಯೆ ಹೆಚ್ಚುತ್ತಿದೆ. ಮಕ್ಕಳಲ್ಲಿ ಇದು ಆತಂಕಕಾರಿ. ಹಿರಿಯರು ಮಾರ್ಗದರ್ಶನ ನೀಡಬೇಕು ಎಂದು ನಡ್ಡಾ ಕರೆ ನೀಡಿದರು. ಭಾರತ ಸರ್ಕಾರದ ಅಧ್ಯಯನದ ಪ್ರಕಾರ, 2005 ರಿಂದ 2020 ರವರೆಗೆ ನಗರ ಭಾರತದಲ್ಲಿ ಬೊಜ್ಜು ಶೇಕಡಾ 39.6.
ರಿತ್ತು ಮತ್ತು ಗ್ರಾಮೀಣ ಪ್ರದೇಶಗಳಲ್ಲಿ ರಿಯಾಗಿದೆ ಶೇಕಡಾ 23.1 ರಷ್ಟು ಹೆಚ್ಚಾಗಿದೆ. 2050 ರ ವೇಳೆಗೆ, ಜನಸಂಖ್ಯೆಯ 1/3 ರಷ್ಟು ಜನರು ಬೊಜ್ಜು ಹೊಂದಿರುತ್ತಾರೆ ಎಂದು ಅಂದಾಜಿಸಲಾಗಿದೆ ಎಂದು ನಡ್ಡಾ ತಿಳಿಸಿದರು. ಈ ಕಾರ್ಯಕ್ರಮದಲ್ಲಿ 'ಈಟ್ ರೈಟ್ ಇಂಡಿಯಾ' ಅಭಿಯಾನದ ಬಗ್ಗೆ ಮಾಹಿತಿ ನೀಡಲಾಯಿತು. ವಿಶ್ವ ಆಹಾರ ಸುರಕ್ಷತಾ ದಿನದ ಪ್ರಯುಕ್ತ ವಿವಿಧ ಜಾಗೃತಿ ಕಾರ್ಯಕ್ರಮಗಳನ್ನು ಆಯೋಜಿಸಲಾಗಿತ್ತು. ರಾಜ್ಯ ಆರೋಗ್ಯ ಸಚಿವರು, ಅಧಿಕಾರಿಗಳು ಮತ್ತು ತಜ್ಞರು ಭಾಗವಹಿಸಿದ್ದರು. ಸಾರ್ವಜನಿಕರು ಆರೋಗ್ಯಕರ ಜೀವನಶೈಲಿ ಅಳವಡಿಸಿಕೊಳ್ಳಬೇಕು ಎಂದು ಮನವಿ ಮಾಡಲಾಯಿತು.
